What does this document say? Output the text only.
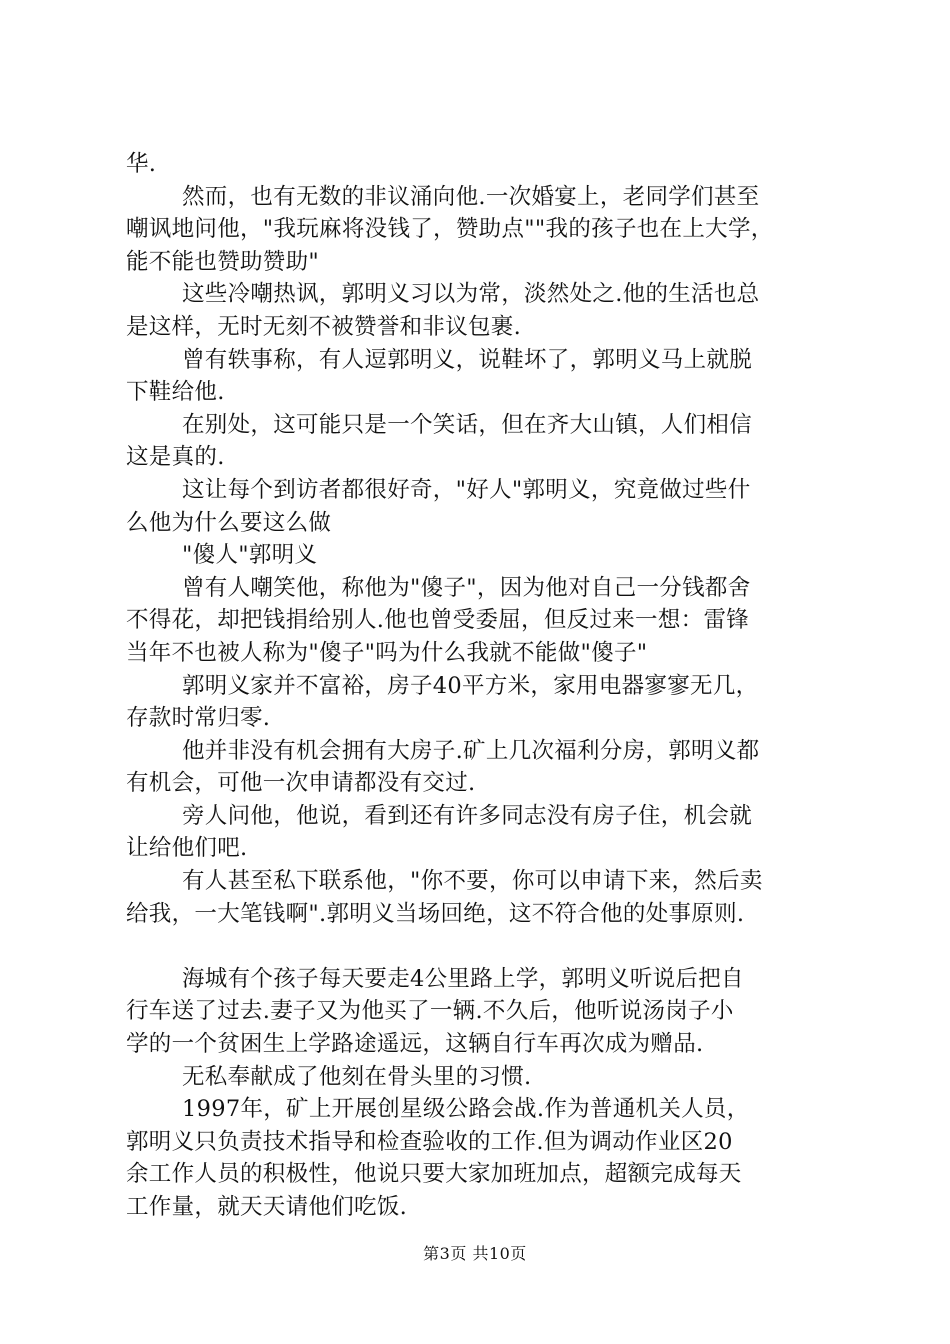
华.
然而，也有无数的非议涌向他.一次婚宴上，老同学们甚至
嘲讽地问他，"我玩麻将没钱了，赞助点""我的孩子也在上大学，
能不能也赞助赞助"
这些冷嘲热讽，郭明义习以为常，淡然处之.他的生活也总
是这样，无时无刻不被赞誉和非议包裹.
曾有轶事称，有人逗郭明义，说鞋坏了，郭明义马上就脱
下鞋给他.
在别处，这可能只是一个笑话，但在齐大山镇，人们相信
这是真的.
这让每个到访者都很好奇，"好人"郭明义，究竟做过些什
么他为什么要这么做
"傻人"郭明义
曾有人嘲笑他，称他为"傻子"，因为他对自己一分钱都舍
不得花，却把钱捐给别人.他也曾受委屈，但反过来一想：雷锋
当年不也被人称为"傻子"吗为什么我就不能做"傻子"
郭明义家并不富裕，房子40平方米，家用电器寥寥无几，
存款时常归零.
他并非没有机会拥有大房子.矿上几次福利分房，郭明义都
有机会，可他一次申请都没有交过.
旁人问他，他说，看到还有许多同志没有房子住，机会就
让给他们吧.
有人甚至私下联系他，"你不要，你可以申请下来，然后卖
给我，一大笔钱啊".郭明义当场回绝，这不符合他的处事原则.
海城有个孩子每天要走4公里路上学，郭明义听说后把自
行车送了过去.妻子又为他买了一辆.不久后，他听说汤岗子小
学的一个贫困生上学路途遥远，这辆自行车再次成为赠品.
无私奉献成了他刻在骨头里的习惯.
1997年，矿上开展创星级公路会战.作为普通机关人员，
郭明义只负责技术指导和检查验收的工作.但为调动作业区20
余工作人员的积极性，他说只要大家加班加点，超额完成每天
工作量，就天天请他们吃饭.
第3页 共10页
